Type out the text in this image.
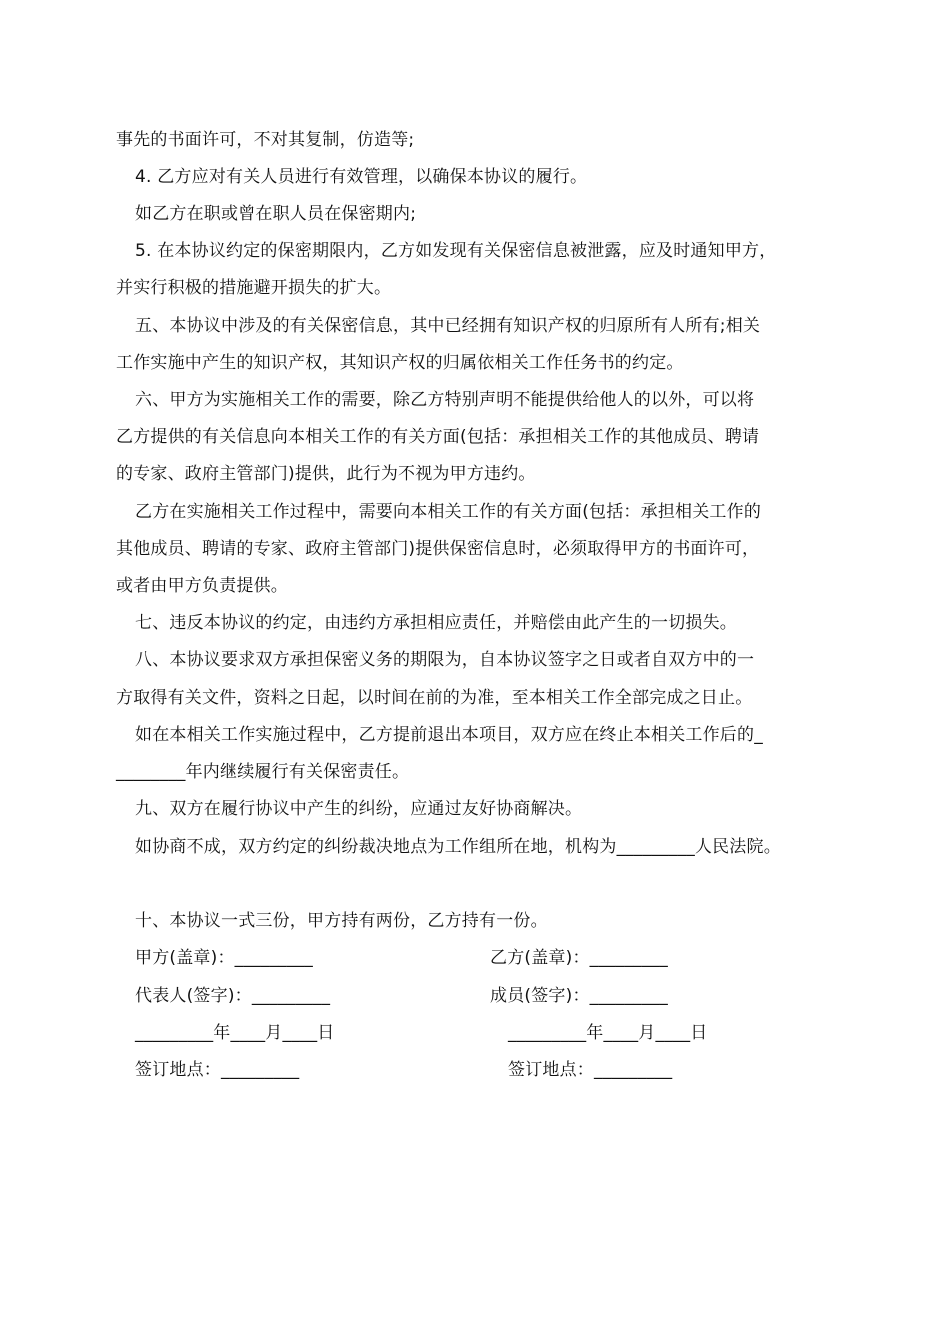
事先的书面许可，不对其复制，仿造等;
4. 乙方应对有关人员进行有效管理，以确保本协议的履行。
如乙方在职或曾在职人员在保密期内;
5. 在本协议约定的保密期限内，乙方如发现有关保密信息被泄露，应及时通知甲方，
并实行积极的措施避开损失的扩大。
五、本协议中涉及的有关保密信息，其中已经拥有知识产权的归原所有人所有;相关
工作实施中产生的知识产权，其知识产权的归属依相关工作任务书的约定。
六、甲方为实施相关工作的需要，除乙方特别声明不能提供给他人的以外，可以将
乙方提供的有关信息向本相关工作的有关方面(包括：承担相关工作的其他成员、聘请
的专家、政府主管部门)提供，此行为不视为甲方违约。
乙方在实施相关工作过程中，需要向本相关工作的有关方面(包括：承担相关工作的
其他成员、聘请的专家、政府主管部门)提供保密信息时，必须取得甲方的书面许可，
或者由甲方负责提供。
七、违反本协议的约定，由违约方承担相应责任，并赔偿由此产生的一切损失。
八、本协议要求双方承担保密义务的期限为，自本协议签字之日或者自双方中的一
方取得有关文件，资料之日起，以时间在前的为准，至本相关工作全部完成之日止。
如在本相关工作实施过程中，乙方提前退出本项目，双方应在终止本相关工作后的_
________年内继续履行有关保密责任。
九、双方在履行协议中产生的纠纷，应通过友好协商解决。
如协商不成，双方约定的纠纷裁决地点为工作组所在地，机构为_________人民法院。
十、本协议一式三份，甲方持有两份，乙方持有一份。
甲方(盖章)：_________	乙方(盖章)：_________
代表人(签字)：_________	成员(签字)：_________
_________年____月____日	_________年____月____日
签订地点：_________	签订地点：_________
